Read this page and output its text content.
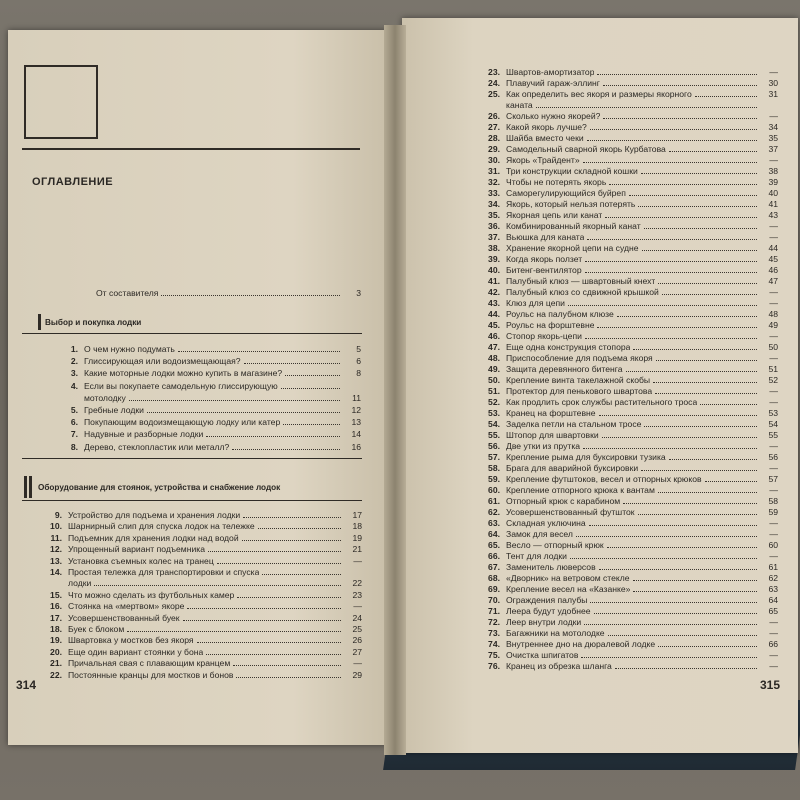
ОГЛАВЛЕНИЕ
От составителя	3
Выбор и покупка лодки
1. О чем нужно подумать	5
2. Глиссирующая или водоизмещающая?	6
3. Какие моторные лодки можно купить в магазине?	8
4. Если вы покупаете самодельную глиссирующую
мотолодку	11
5. Гребные лодки	12
6. Покупающим водоизмещающую лодку или катер	13
7. Надувные и разборные лодки	14
8. Дерево, стеклопластик или металл?	16
Оборудование для стоянок, устройства и снабжение лодок
9. Устройство для подъема и хранения лодки	17
10. Шарнирный слип для спуска лодок на тележке	18
11. Подъемник для хранения лодки над водой	19
12. Упрощенный вариант подъемника	21
13. Установка съемных колес на транец	—
14. Простая тележка для транспортировки и спуска
лодки	22
15. Что можно сделать из футбольных камер	23
16. Стоянка на «мертвом» якоре	—
17. Усовершенствованный буек	24
18. Буек с блоком	25
19. Швартовка у мостков без якоря	26
20. Еще один вариант стоянки у бона	27
21. Причальная свая с плавающим кранцем	—
22. Постоянные кранцы для мостков и бонов	29
314
23. Швартов-амортизатор	—
24. Плавучий гараж-эллинг	30
25. Как определить вес якоря и размеры якорного	31
каната
26. Сколько нужно якорей?	—
27. Какой якорь лучше?	34
28. Шайба вместо чеки	35
29. Самодельный сварной якорь Курбатова	37
30. Якорь «Трайдент»	—
31. Три конструкции складной кошки	38
32. Чтобы не потерять якорь	39
33. Саморегулирующийся буйреп	40
34. Якорь, который нельзя потерять	41
35. Якорная цепь или канат	43
36. Комбинированный якорный канат	—
37. Вьюшка для каната	—
38. Хранение якорной цепи на судне	44
39. Когда якорь ползет	45
40. Битенг-вентилятор	46
41. Палубный клюз — швартовный кнехт	47
42. Палубный клюз со сдвижной крышкой	—
43. Клюз для цепи	—
44. Роульс на палубном клюзе	48
45. Роульс на форштевне	49
46. Стопор якорь-цепи	—
47. Еще одна конструкция стопора	50
48. Приспособление для подъема якоря	—
49. Защита деревянного битенга	51
50. Крепление винта такелажной скобы	52
51. Протектор для пенькового швартова	—
52. Как продлить срок службы растительного троса	—
53. Кранец на форштевне	53
54. Заделка петли на стальном тросе	54
55. Штопор для швартовки	55
56. Две утки из прутка	—
57. Крепление рыма для буксировки тузика	56
58. Брага для аварийной буксировки	—
59. Крепление футштоков, весел и отпорных крюков	57
60. Крепление отпорного крюка к вантам	—
61. Отпорный крюк с карабином	58
62. Усовершенствованный футшток	59
63. Складная уключина	—
64. Замок для весел	—
65. Весло — отпорный крюк	60
66. Тент для лодки	—
67. Заменитель люверсов	61
68. «Дворник» на ветровом стекле	62
69. Крепление весел на «Казанке»	63
70. Ограждения палубы	64
71. Леера будут удобнее	65
72. Леер внутри лодки	—
73. Багажники на мотолодке	—
74. Внутреннее дно на дюралевой лодке	66
75. Очистка шпигатов	—
76. Кранец из обрезка шланга	—
315
